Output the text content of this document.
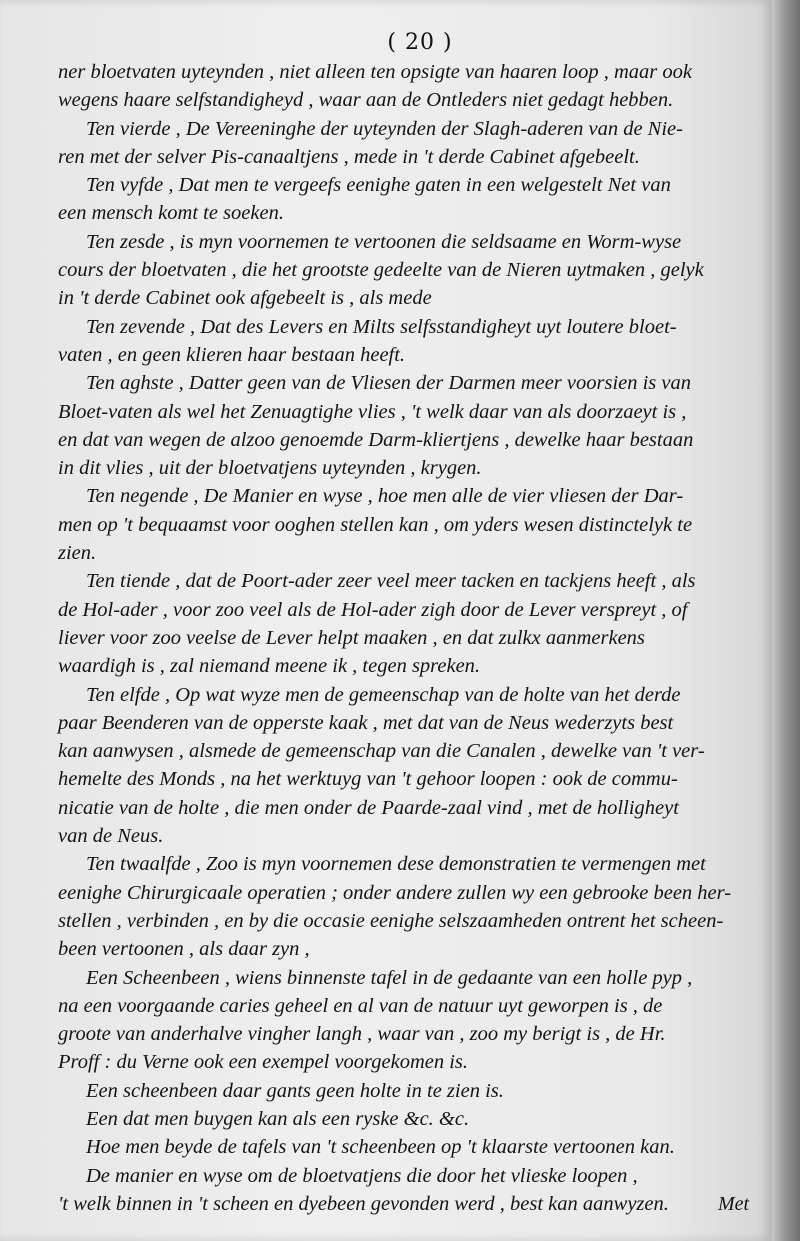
( 20 )
ner bloetvaten uyteynden , niet alleen ten opsigte van haaren loop , maar ook
wegens haare selfstandigheyd , waar aan de Ontleders niet gedagt hebben.
Ten vierde , De Vereeninghe der uyteynden der Slagh-aderen van de Nie-
ren met der selver Pis-canaaltjens , mede in 't derde Cabinet afgebeelt.
Ten vyfde , Dat men te vergeefs eenighe gaten in een welgestelt Net van
een mensch komt te soeken.
Ten zesde , is myn voornemen te vertoonen die seldsaame en Worm-wyse
cours der bloetvaten , die het grootste gedeelte van de Nieren uytmaken , gelyk
in 't derde Cabinet ook afgebeelt is , als mede
Ten zevende , Dat des Levers en Milts selfsstandigheyt uyt loutere bloet-
vaten , en geen klieren haar bestaan heeft.
Ten aghste , Datter geen van de Vliesen der Darmen meer voorsien is van
Bloet-vaten als wel het Zenuagtighe vlies , 't welk daar van als doorzaeyt is ,
en dat van wegen de alzoo genoemde Darm-kliertjens , dewelke haar bestaan
in dit vlies , uit der bloetvatjens uyteynden , krygen.
Ten negende , De Manier en wyse , hoe men alle de vier vliesen der Dar-
men op 't bequaamst voor ooghen stellen kan , om yders wesen distinctelyk te
zien.
Ten tiende , dat de Poort-ader zeer veel meer tacken en tackjens heeft , als
de Hol-ader , voor zoo veel als de Hol-ader zigh door de Lever verspreyt , of
liever voor zoo veelse de Lever helpt maaken , en dat zulkx aanmerkens
waardigh is , zal niemand meene ik , tegen spreken.
Ten elfde , Op wat wyze men de gemeenschap van de holte van het derde
paar Beenderen van de opperste kaak , met dat van de Neus wederzyts best
kan aanwysen , alsmede de gemeenschap van die Canalen , dewelke van 't ver-
hemelte des Monds , na het werktuyg van 't gehoor loopen : ook de commu-
nicatie van de holte , die men onder de Paarde-zaal vind , met de holligheyt
van de Neus.
Ten twaalfde , Zoo is myn voornemen dese demonstratien te vermengen met
eenighe Chirurgicaale operatien ; onder andere zullen wy een gebrooke been her-
stellen , verbinden , en by die occasie eenighe selszaamheden ontrent het scheen-
been vertoonen , als daar zyn ,
Een Scheenbeen , wiens binnenste tafel in de gedaante van een holle pyp ,
na een voorgaande caries geheel en al van de natuur uyt geworpen is , de
groote van anderhalve vingher langh , waar van , zoo my berigt is , de Hr.
Proff : du Verne ook een exempel voorgekomen is.
Een scheenbeen daar gants geen holte in te zien is.
Een dat men buygen kan als een ryske &c. &c.
Hoe men beyde de tafels van 't scheenbeen op 't klaarste vertoonen kan.
De manier en wyse om de bloetvatjens die door het vlieske loopen ,
't welk binnen in 't scheen en dyebeen gevonden werd , best kan aanwyzen.	Met
